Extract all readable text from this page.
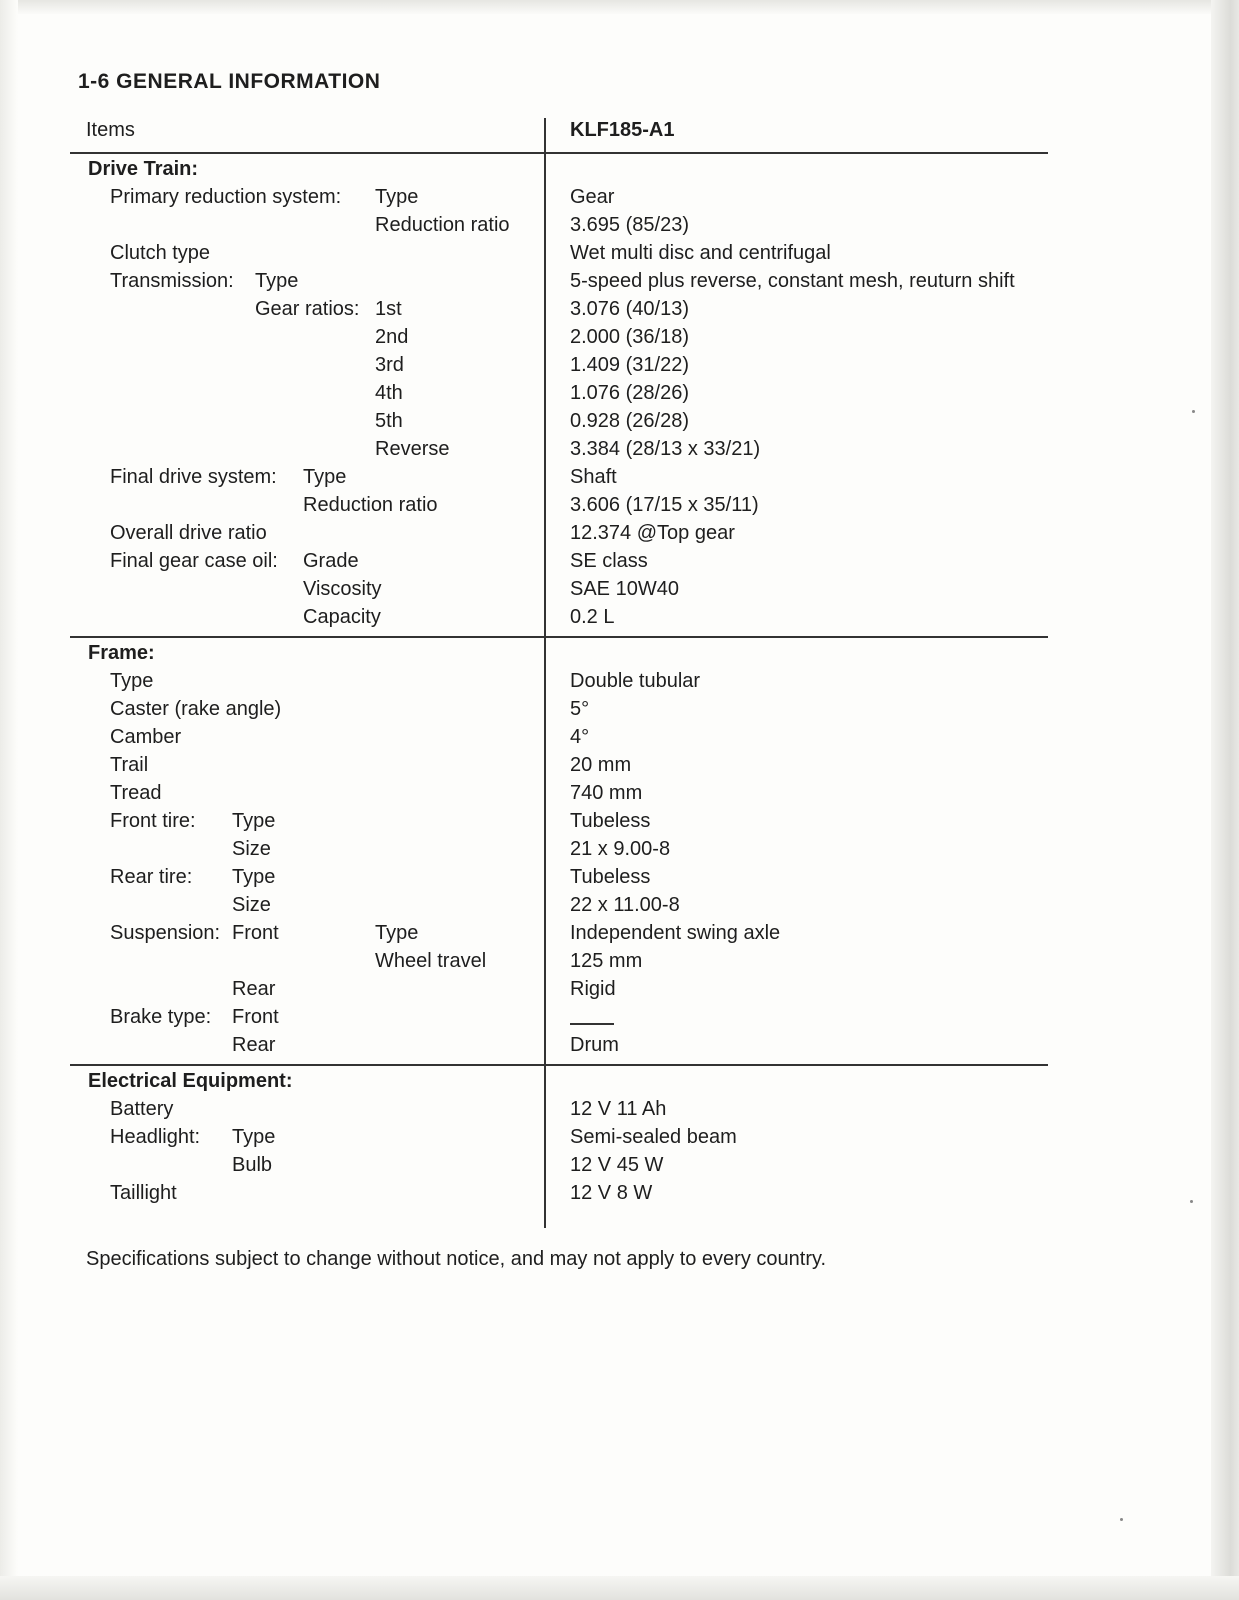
1-6 GENERAL INFORMATION
Items	KLF185-A1
Drive Train:
Primary reduction system: Type	Gear
Reduction ratio	3.695 (85/23)
Clutch type	Wet multi disc and centrifugal
Transmission: Type	5-speed plus reverse, constant mesh, reuturn shift
Gear ratios: 1st	3.076 (40/13)
2nd	2.000 (36/18)
3rd	1.409 (31/22)
4th	1.076 (28/26)
5th	0.928 (26/28)
Reverse	3.384 (28/13 x 33/21)
Final drive system: Type	Shaft
Reduction ratio	3.606 (17/15 x 35/11)
Overall drive ratio	12.374 @Top gear
Final gear case oil: Grade	SE class
Viscosity	SAE 10W40
Capacity	0.2 L
Frame:
Type	Double tubular
Caster (rake angle)	5°
Camber	4°
Trail	20 mm
Tread	740 mm
Front tire: Type	Tubeless
Size	21 x 9.00-8
Rear tire: Type	Tubeless
Size	22 x 11.00-8
Suspension: Front	Type	Independent swing axle
Wheel travel	125 mm
Rear	Rigid
Brake type: Front
Rear	Drum
Electrical Equipment:
Battery	12 V 11 Ah
Headlight: Type	Semi-sealed beam
Bulb	12 V 45 W
Taillight	12 V 8 W
Specifications subject to change without notice, and may not apply to every country.
